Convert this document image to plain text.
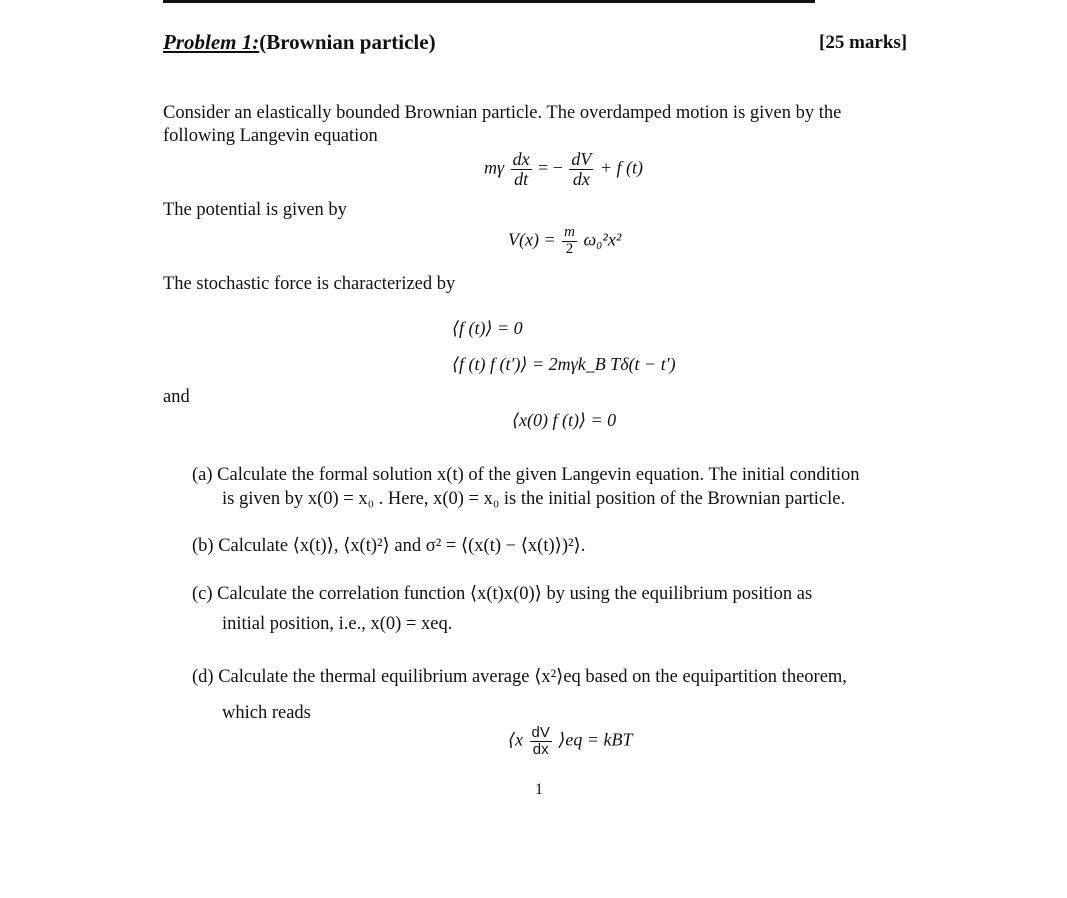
Problem 1:(Brownian particle)	[25 marks]
Consider an elastically bounded Brownian particle. The overdamped motion is given by the
following Langevin equation
mγ $\frac{dx}{dt}$ = − $\frac{dV}{dx} + f$ (t)
The potential is given by
$V(x) = \frac{m}{2} \omega_0^2x^2$
The stochastic force is characterized by
⟨f (t)⟩ = 0
⟨f (t) f (t′)⟩ = 2mγk_B Tδ(t − t′)
and
⟨x(0) f (t)⟩ = 0
(a) Calculate the formal solution x(t) of the given Langevin equation. The initial condition
is given by x(0) = x₀ . Here, x(0) = x₀ is the initial position of the Brownian particle.
(b) Calculate ⟨x(t)⟩, ⟨x(t)²⟩ and σ² = ⟨(x(t) − ⟨x(t)⟩)²⟩.
(c) Calculate the correlation function ⟨x(t)x(0)⟩ by using the equilibrium position as
initial position, i.e., x(0) = xeq.
(d) Calculate the thermal equilibrium average ⟨x²⟩eq based on the equipartition theorem,
which reads
⟨x $\frac{dV}{dx}$ ⟩eq = kBT
1
